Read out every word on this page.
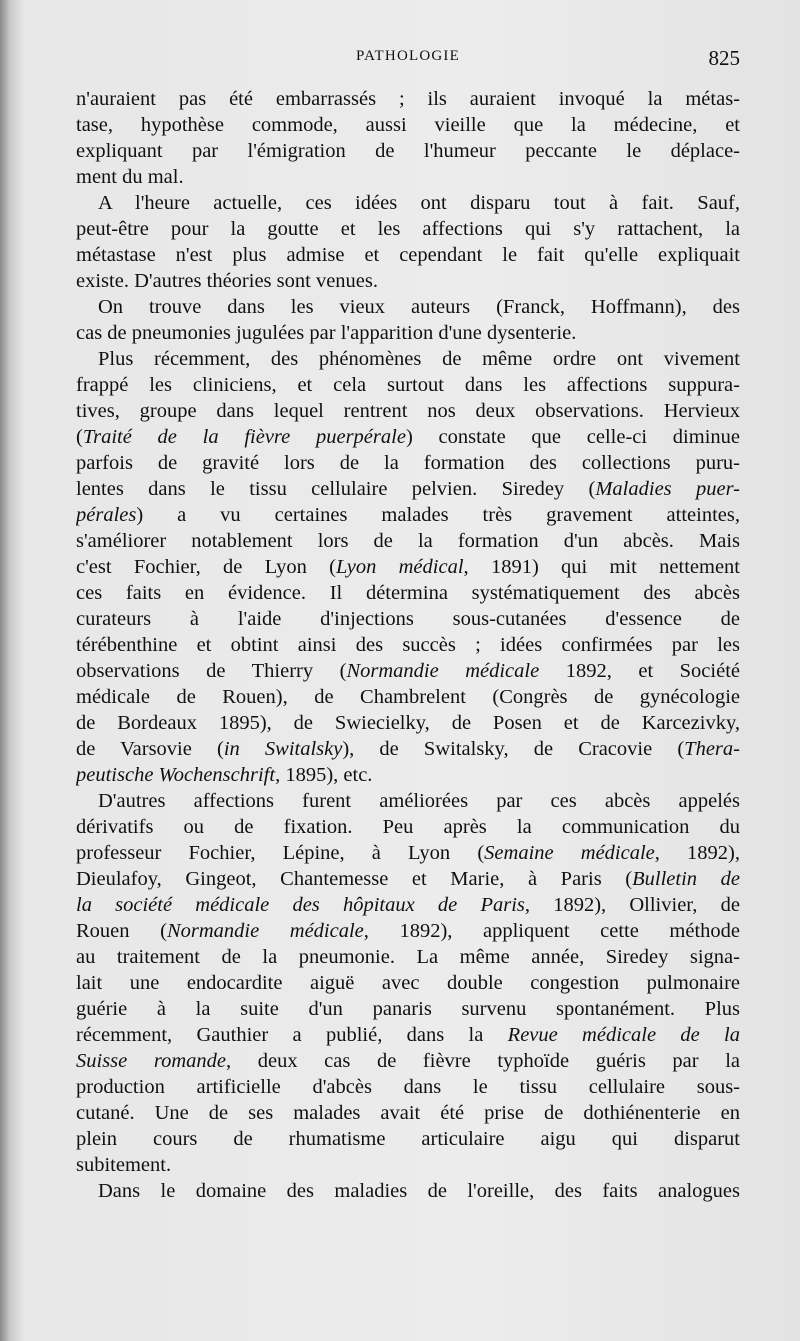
PATHOLOGIE	825
n'auraient pas été embarrassés ; ils auraient invoqué la métas-
tase, hypothèse commode, aussi vieille que la médecine, et
expliquant par l'émigration de l'humeur peccante le déplace-
ment du mal.
A l'heure actuelle, ces idées ont disparu tout à fait. Sauf,
peut-être pour la goutte et les affections qui s'y rattachent, la
métastase n'est plus admise et cependant le fait qu'elle expliquait
existe. D'autres théories sont venues.
On trouve dans les vieux auteurs (Franck, Hoffmann), des
cas de pneumonies jugulées par l'apparition d'une dysenterie.
Plus récemment, des phénomènes de même ordre ont vivement
frappé les cliniciens, et cela surtout dans les affections suppura-
tives, groupe dans lequel rentrent nos deux observations. Hervieux
(Traité de la fièvre puerpérale) constate que celle-ci diminue
parfois de gravité lors de la formation des collections puru-
lentes dans le tissu cellulaire pelvien. Siredey (Maladies puer-
pérales) a vu certaines malades très gravement atteintes,
s'améliorer notablement lors de la formation d'un abcès. Mais
c'est Fochier, de Lyon (Lyon médical, 1891) qui mit nettement
ces faits en évidence. Il détermina systématiquement des abcès
curateurs à l'aide d'injections sous-cutanées d'essence de
térébenthine et obtint ainsi des succès ; idées confirmées par les
observations de Thierry (Normandie médicale 1892, et Société
médicale de Rouen), de Chambrelent (Congrès de gynécologie
de Bordeaux 1895), de Swiecielky, de Posen et de Karcezivky,
de Varsovie (in Switalsky), de Switalsky, de Cracovie (Thera-
peutische Wochenschrift, 1895), etc.
D'autres affections furent améliorées par ces abcès appelés
dérivatifs ou de fixation. Peu après la communication du
professeur Fochier, Lépine, à Lyon (Semaine médicale, 1892),
Dieulafoy, Gingeot, Chantemesse et Marie, à Paris (Bulletin de
la société médicale des hôpitaux de Paris, 1892), Ollivier, de
Rouen (Normandie médicale, 1892), appliquent cette méthode
au traitement de la pneumonie. La même année, Siredey signa-
lait une endocardite aiguë avec double congestion pulmonaire
guérie à la suite d'un panaris survenu spontanément. Plus
récemment, Gauthier a publié, dans la Revue médicale de la
Suisse romande, deux cas de fièvre typhoïde guéris par la
production artificielle d'abcès dans le tissu cellulaire sous-
cutané. Une de ses malades avait été prise de dothiénenterie en
plein cours de rhumatisme articulaire aigu qui disparut
subitement.
Dans le domaine des maladies de l'oreille, des faits analogues
